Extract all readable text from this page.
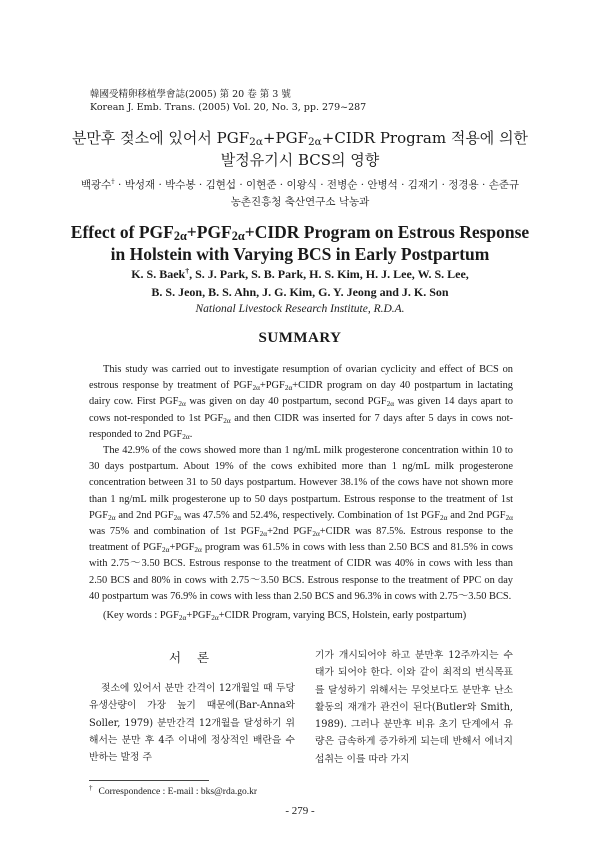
韓國受精卵移植學會誌(2005) 第 20 卷 第 3 號
Korean J. Emb. Trans. (2005) Vol. 20, No. 3, pp. 279~287
분만후 젖소에 있어서 $PGF_{2\alpha}+PGF_{2\alpha}+CIDR$ Program 적용에 의한
발정유기시 BCS의 영향
백광수† · 박성재 · 박수봉 · 김현섭 · 이현준 · 이왕식 · 전병순 · 안병석 · 김재기 · 정경용 · 손준규
농촌진흥청 축산연구소 낙농과
Effect of $PGF_{2\alpha}+PGF_{2\alpha}+CIDR$ Program on Estrous Response
in Holstein with Varying BCS in Early Postpartum
K. S. Baek†, S. J. Park, S. B. Park, H. S. Kim, H. J. Lee, W. S. Lee,
B. S. Jeon, B. S. Ahn, J. G. Kim, G. Y. Jeong and J. K. Son
National Livestock Research Institute, R.D.A.
SUMMARY

This study was carried out to investigate resumption of ovarian cyclicity and effect of BCS on estrous response by treatment of $PGF_{2\alpha}+PGF_{2\alpha}+CIDR$ program on day 40 postpartum in lactating dairy cow. First $PGF_{2\alpha}$ was given on day 40 postpartum, second $PGF_{2\alpha}$ was given 14 days apart to cows not-responded to 1st $PGF_{2\alpha}$ and then CIDR was inserted for 7 days after 5 days in cows not-responded to 2nd $PGF_{2\alpha}$.

The 42.9% of the cows showed more than 1 ng/mL milk progesterone concentration within 10 to 30 days postpartum. About 19% of the cows exhibited more than 1 ng/mL milk progesterone concentration between 31 to 50 days postpartum. However 38.1% of the cows have not shown more than 1 ng/mL milk progesterone up to 50 days postpartum. Estrous response to the treatment of 1st $PGF_{2\alpha}$ and 2nd $PGF_{2\alpha}$ was 47.5% and 52.4%, respectively. Combination of 1st $PGF_{2\alpha}$ and 2nd $PGF_{2\alpha}$ was 75% and combination of 1st $PGF_{2\alpha}+2nd$ $PGF_{2\alpha}+CIDR$ was 87.5%. Estrous response to the treatment of $PGF_{2\alpha}+PGF_{2\alpha}$ program was 61.5% in cows with less than 2.50 BCS and 81.5% in cows with 2.75～3.50 BCS. Estrous response to the treatment of CIDR was 40% in cows with less than 2.50 BCS and 80% in cows with 2.75～3.50 BCS. Estrous response to the treatment of PPC on day 40 postpartum was 76.9% in cows with less than 2.50 BCS and 96.3% in cows with 2.75～3.50 BCS.

(Key words : $PGF_{2\alpha}+PGF_{2\alpha}+CIDR$ Program, varying BCS, Holstein, early postpartum)
서 론

젖소에 있어서 분만 간격이 12개월일 때 두당 유생산량이 가장 높기 때문에(Bar-Anna와 Soller, 1979) 분만간격 12개월을 달성하기 위해서는 분만 후 4주 이내에 정상적인 배란을 수반하는 발정 주

기가 개시되어야 하고 분만후 12주까지는 수태가 되어야 한다. 이와 같이 최적의 번식목표를 달성하기 위해서는 무엇보다도 분만후 난소 활동의 재개가 관건이 된다(Butler와 Smith, 1989). 그러나 분만후 비유 초기 단계에서 유량은 급속하게 증가하게 되는데 반해서 에너지 섭취는 이를 따라 가지

† Correspondence : E-mail : bks@rda.go.kr
- 279 -
